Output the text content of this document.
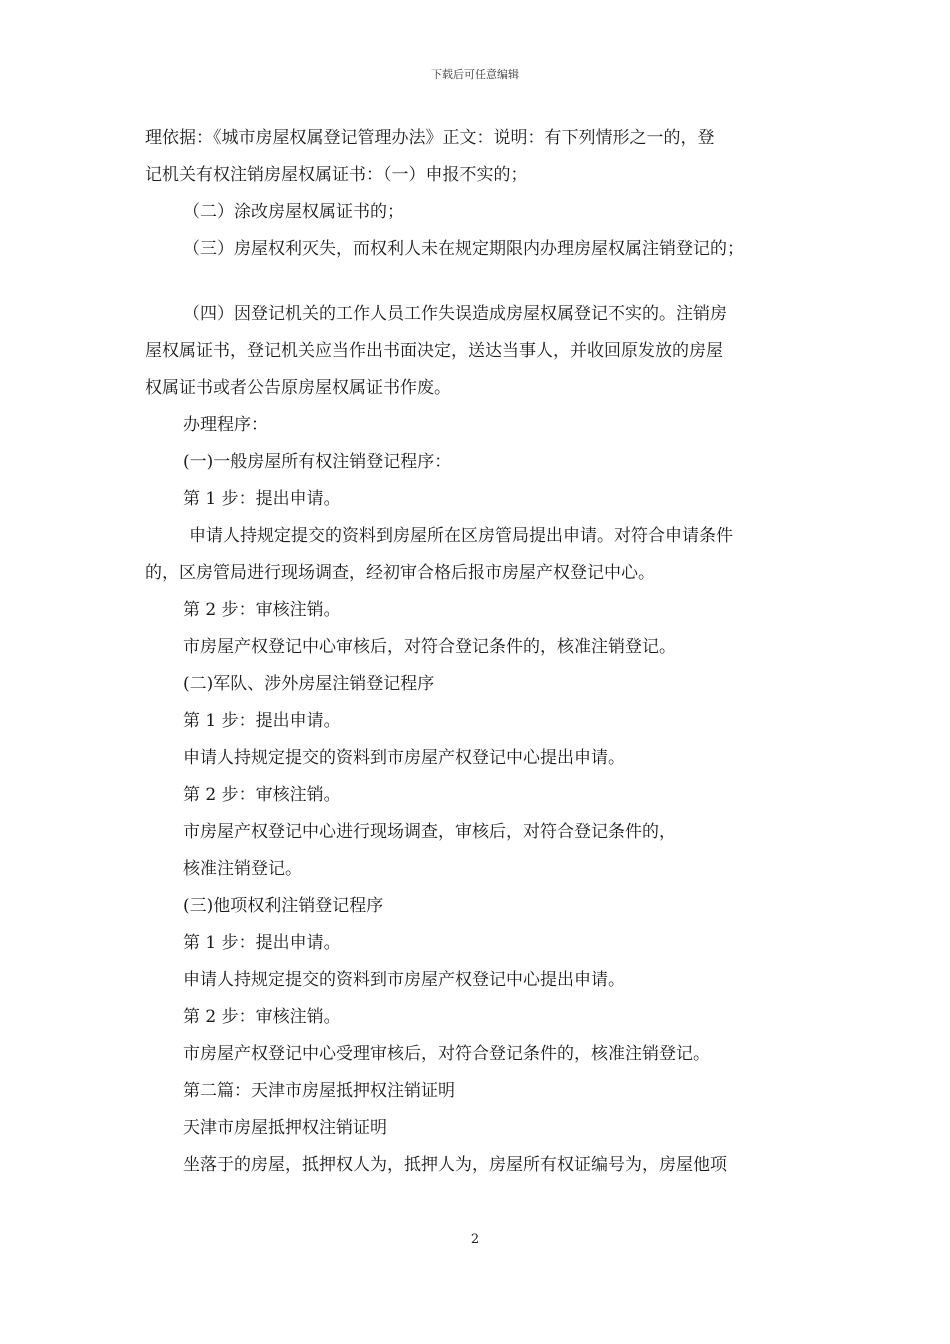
下载后可任意编辑
理依据：《城市房屋权属登记管理办法》正文：说明：有下列情形之一的，登
记机关有权注销房屋权属证书：（一）申报不实的；
（二）涂改房屋权属证书的；
（三）房屋权利灭失，而权利人未在规定期限内办理房屋权属注销登记的；
（四）因登记机关的工作人员工作失误造成房屋权属登记不实的。注销房
屋权属证书，登记机关应当作出书面决定，送达当事人，并收回原发放的房屋
权属证书或者公告原房屋权属证书作废。
办理程序：
(一)一般房屋所有权注销登记程序：
第 1 步：提出申请。
申请人持规定提交的资料到房屋所在区房管局提出申请。对符合申请条件
的，区房管局进行现场调查，经初审合格后报市房屋产权登记中心。
第 2 步：审核注销。
市房屋产权登记中心审核后，对符合登记条件的，核准注销登记。
(二)军队、涉外房屋注销登记程序
第 1 步：提出申请。
申请人持规定提交的资料到市房屋产权登记中心提出申请。
第 2 步：审核注销。
市房屋产权登记中心进行现场调查，审核后，对符合登记条件的，
核准注销登记。
(三)他项权利注销登记程序
第 1 步：提出申请。
申请人持规定提交的资料到市房屋产权登记中心提出申请。
第 2 步：审核注销。
市房屋产权登记中心受理审核后，对符合登记条件的，核准注销登记。
第二篇：天津市房屋抵押权注销证明
天津市房屋抵押权注销证明
坐落于的房屋，抵押权人为，抵押人为，房屋所有权证编号为，房屋他项
2
